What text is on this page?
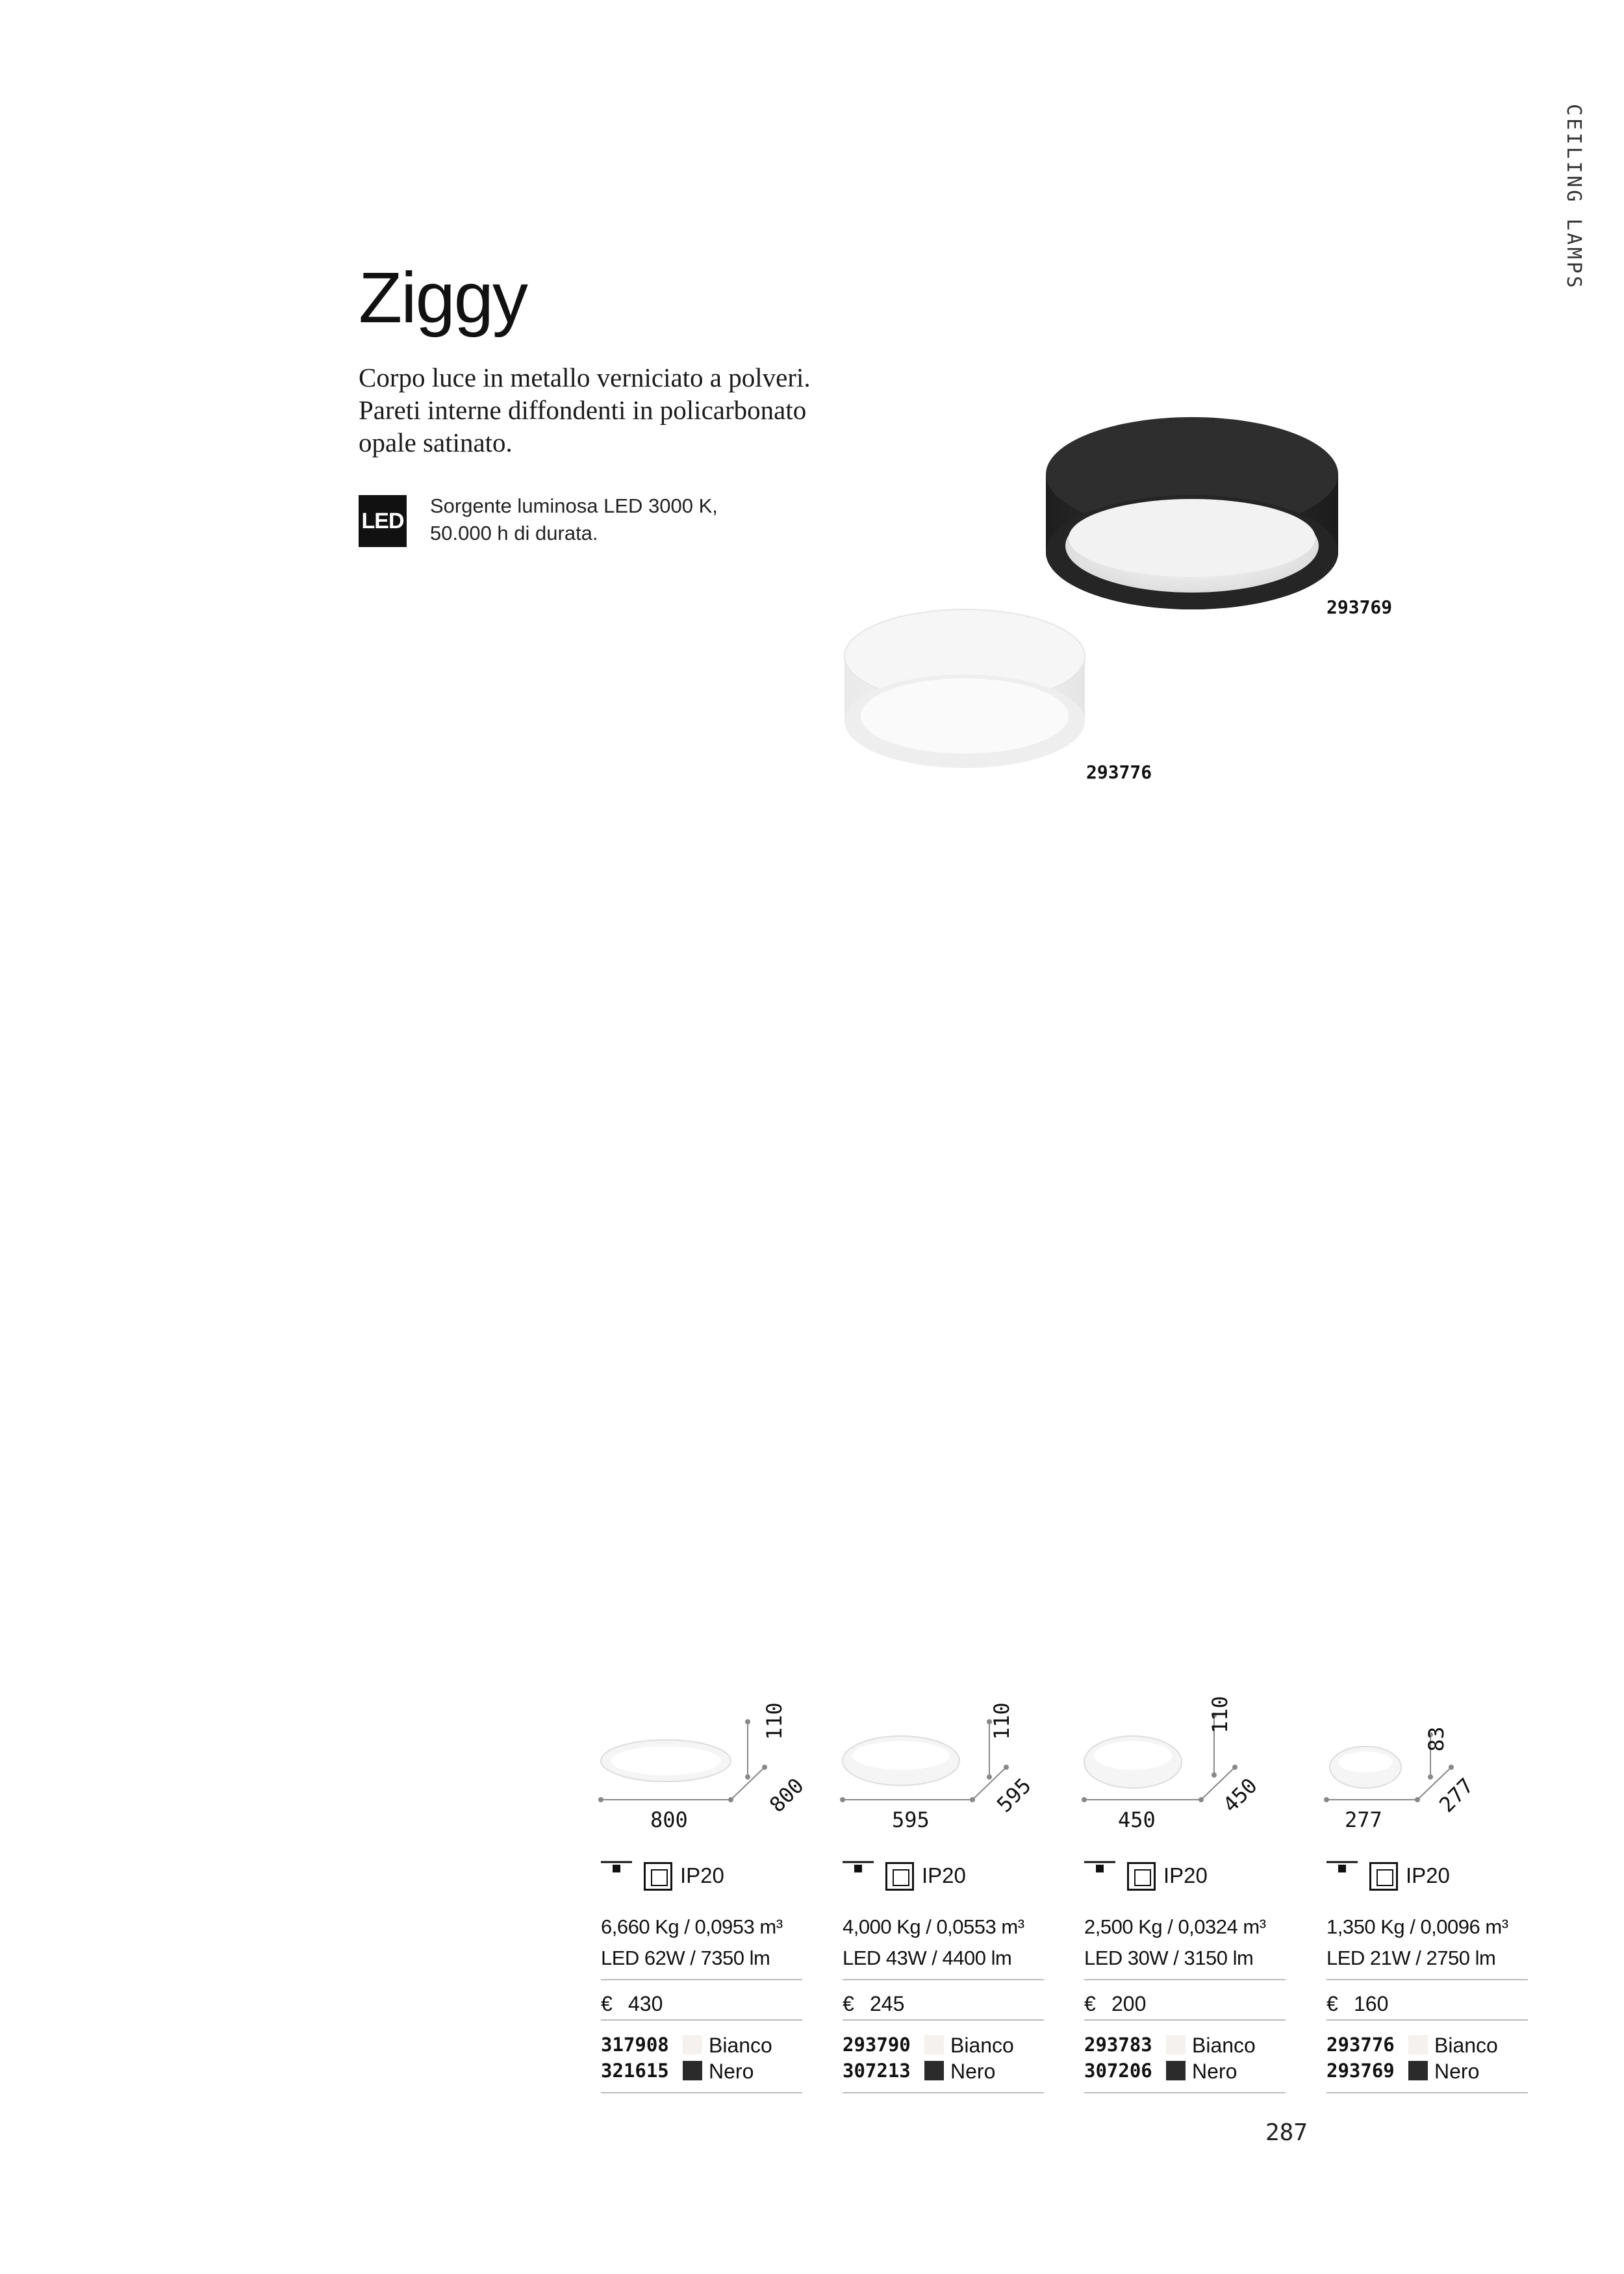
CEILING LAMPS
Ziggy
Corpo luce in metallo verniciato a polveri. Pareti interne diffondenti in policarbonato opale satinato.
LED
Sorgente luminosa LED 3000 K,
50.000 h di durata.
293769
293776
800
110
800
IP20
6,660 Kg / 0,0953 m³
LED 62W / 7350 lm
€ 430
317908 Bianco
321615 Nero
595
110
595
IP20
4,000 Kg / 0,0553 m³
LED 43W / 4400 lm
€ 245
293790 Bianco
307213 Nero
450
110
450
IP20
2,500 Kg / 0,0324 m³
LED 30W / 3150 lm
€ 200
293783 Bianco
307206 Nero
277
83
277
IP20
1,350 Kg / 0,0096 m³
LED 21W / 2750 lm
€ 160
293776 Bianco
293769 Nero
287
